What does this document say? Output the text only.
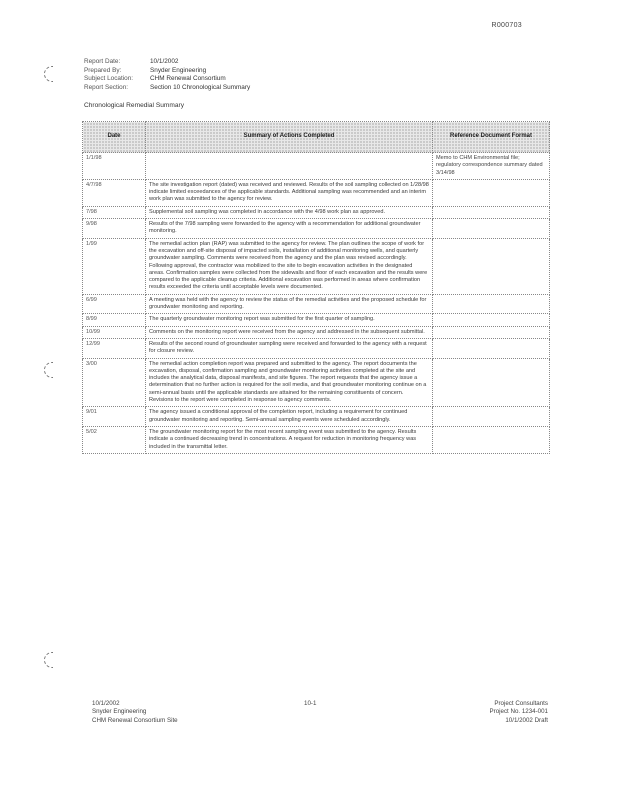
R000703
Report Date:	10/1/2002
Prepared By:	Snyder Engineering
Subject Location:	CHM Renewal Consortium
Report Section:	Section 10 Chronological Summary
Chronological Remedial Summary
Date	Summary of Actions Completed	Reference Document Format
1/1/98		Memo to CHM Environmental file; regulatory correspondence summary dated 3/14/98
4/7/98	The site investigation report (dated) was received and reviewed. Results of the soil sampling collected on 1/28/98 indicate limited exceedances of the applicable standards. Additional sampling was recommended and an interim work plan was submitted to the agency for review.	
7/98	Supplemental soil sampling was completed in accordance with the 4/98 work plan as approved.	
9/98	Results of the 7/98 sampling were forwarded to the agency with a recommendation for additional groundwater monitoring.	
1/99	The remedial action plan (RAP) was submitted to the agency for review. The plan outlines the scope of work for the excavation and off-site disposal of impacted soils, installation of additional monitoring wells, and quarterly groundwater sampling. Comments were received from the agency and the plan was revised accordingly. Following approval, the contractor was mobilized to the site to begin excavation activities in the designated areas. Confirmation samples were collected from the sidewalls and floor of each excavation and the results were compared to the applicable cleanup criteria. Additional excavation was performed in areas where confirmation results exceeded the criteria until acceptable levels were documented.	
6/99	A meeting was held with the agency to review the status of the remedial activities and the proposed schedule for groundwater monitoring and reporting.	
8/99	The quarterly groundwater monitoring report was submitted for the first quarter of sampling.	
10/99	Comments on the monitoring report were received from the agency and addressed in the subsequent submittal.	
12/99	Results of the second round of groundwater sampling were received and forwarded to the agency with a request for closure review.	
3/00	The remedial action completion report was prepared and submitted to the agency. The report documents the excavation, disposal, confirmation sampling and groundwater monitoring activities completed at the site and includes the analytical data, disposal manifests, and site figures. The report requests that the agency issue a determination that no further action is required for the soil media, and that groundwater monitoring continue on a semi-annual basis until the applicable standards are attained for the remaining constituents of concern. Revisions to the report were completed in response to agency comments.	
9/01	The agency issued a conditional approval of the completion report, including a requirement for continued groundwater monitoring and reporting. Semi-annual sampling events were scheduled accordingly.	
5/02	The groundwater monitoring report for the most recent sampling event was submitted to the agency. Results indicate a continued decreasing trend in concentrations. A request for reduction in monitoring frequency was included in the transmittal letter.	
10/1/2002
Snyder Engineering
CHM Renewal Consortium Site
10-1	Project Consultants
Project No. 1234-001
10/1/2002 Draft
